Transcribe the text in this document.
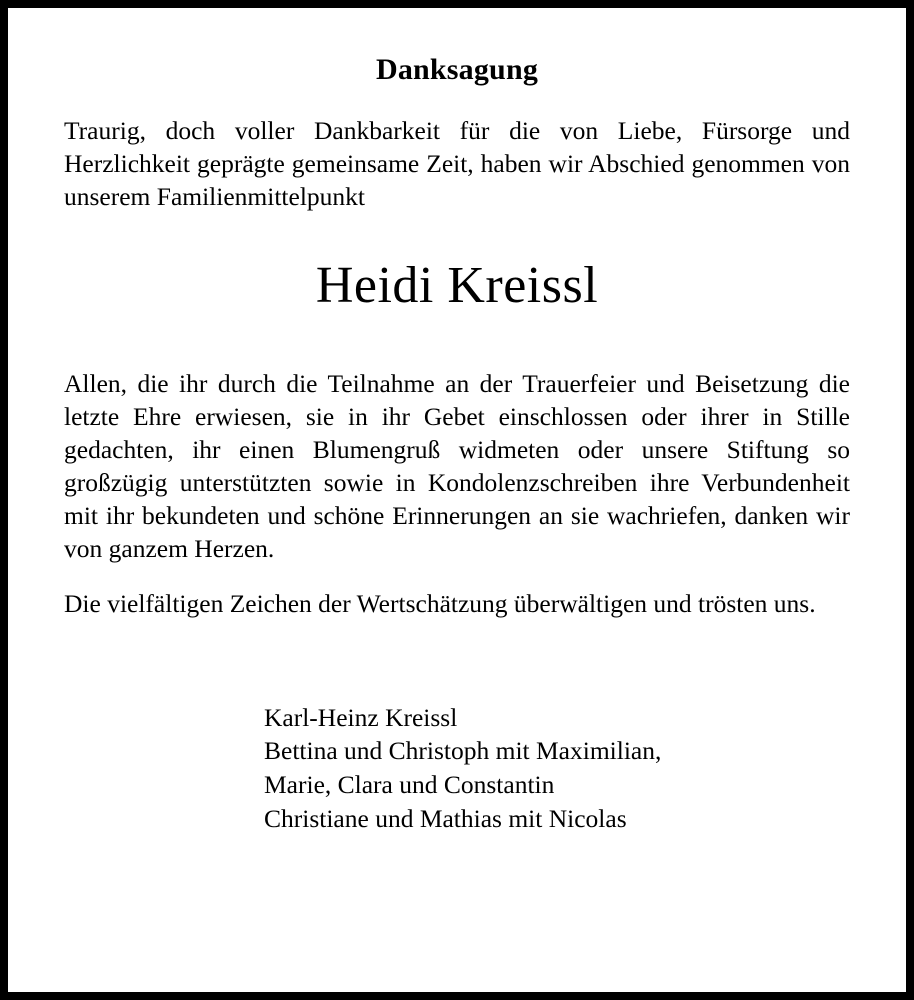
Danksagung

Traurig, doch voller Dankbarkeit für die von Liebe, Fürsorge und Herzlichkeit geprägte gemeinsame Zeit, haben wir Abschied genommen von unserem Familienmittelpunkt

Heidi Kreissl

Allen, die ihr durch die Teilnahme an der Trauerfeier und Beisetzung die letzte Ehre erwiesen, sie in ihr Gebet einschlossen oder ihrer in Stille gedachten, ihr einen Blumengruß widmeten oder unsere Stiftung so großzügig unterstützten sowie in Kondolenzschreiben ihre Verbundenheit mit ihr bekundeten und schöne Erinnerungen an sie wachriefen, danken wir von ganzem Herzen.

Die vielfältigen Zeichen der Wertschätzung überwältigen und trösten uns.

Karl-Heinz Kreissl
Bettina und Christoph mit Maximilian,
Marie, Clara und Constantin
Christiane und Mathias mit Nicolas
